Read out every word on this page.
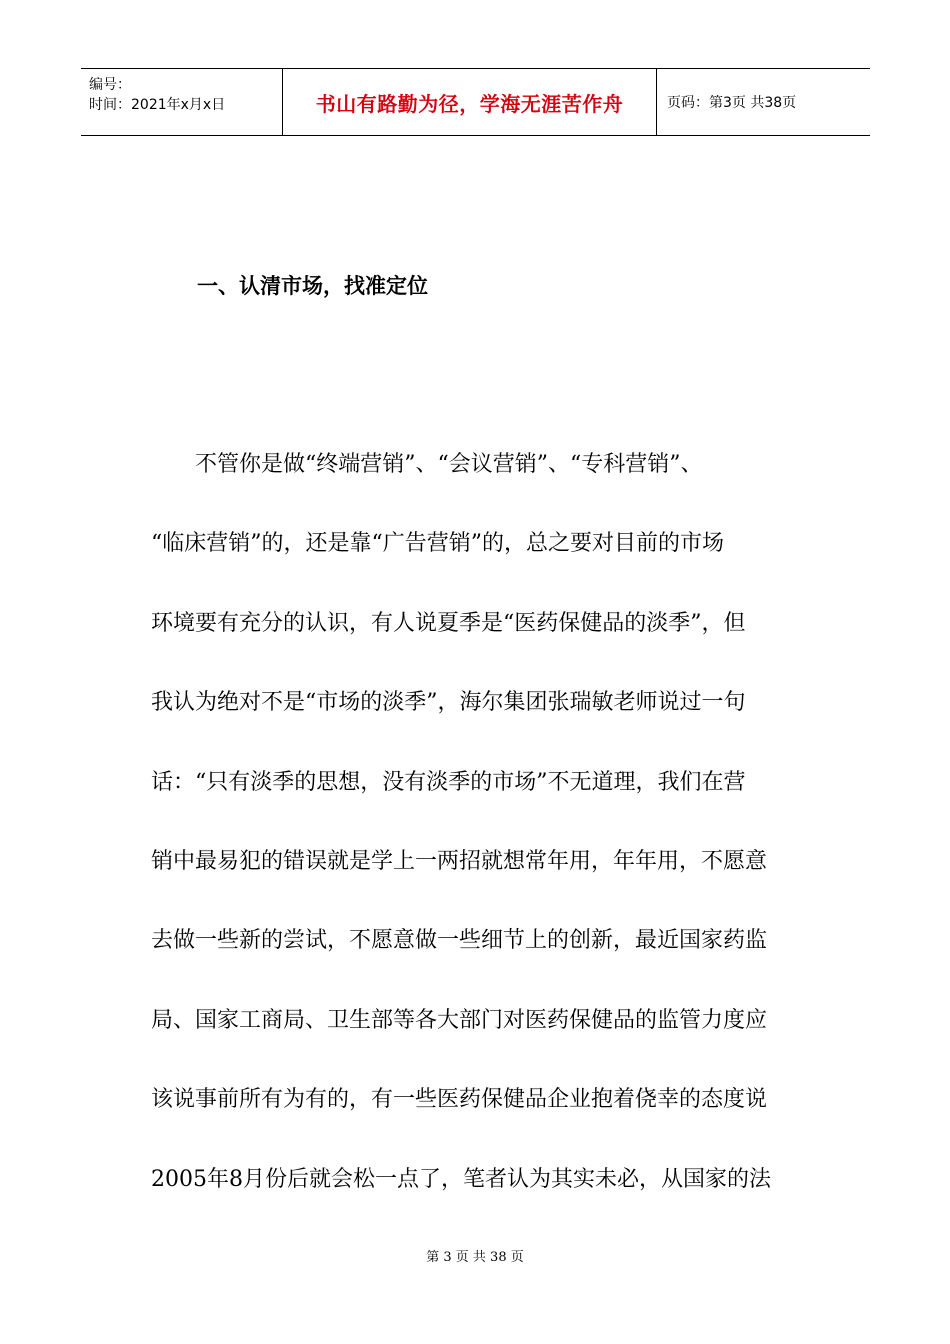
编号：
时间：2021年x月x日	书山有路勤为径，学海无涯苦作舟	页码：第3页 共38页
一、认清市场，找准定位
不管你是做“终端营销”、“会议营销”、“专科营销”、
“临床营销”的，还是靠“广告营销”的，总之要对目前的市场
环境要有充分的认识，有人说夏季是“医药保健品的淡季”，但
我认为绝对不是“市场的淡季”，海尔集团张瑞敏老师说过一句
话：“只有淡季的思想，没有淡季的市场”不无道理，我们在营
销中最易犯的错误就是学上一两招就想常年用，年年用，不愿意
去做一些新的尝试，不愿意做一些细节上的创新，最近国家药监
局、国家工商局、卫生部等各大部门对医药保健品的监管力度应
该说事前所有为有的，有一些医药保健品企业抱着侥幸的态度说
2005年8月份后就会松一点了，笔者认为其实未必，从国家的法
第 3 页 共 38 页
